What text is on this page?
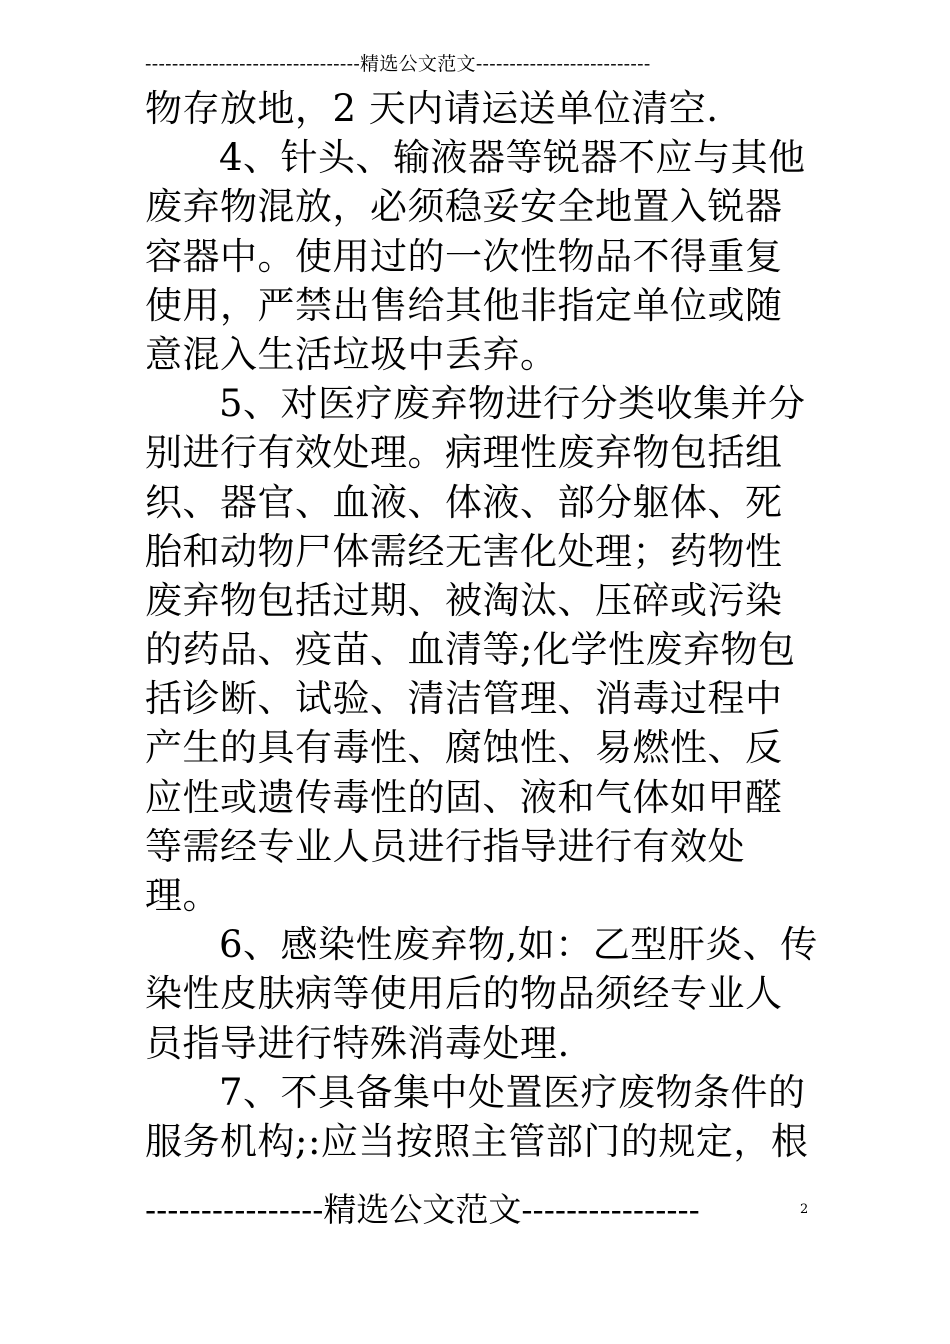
--------------------------------精选公文范文--------------------------
物存放地，2 天内请运送单位清空.
4、针头、输液器等锐器不应与其他
废弃物混放，必须稳妥安全地置入锐器
容器中。使用过的一次性物品不得重复
使用，严禁出售给其他非指定单位或随
意混入生活垃圾中丢弃。
5、对医疗废弃物进行分类收集并分
别进行有效处理。病理性废弃物包括组
织、器官、血液、体液、部分躯体、死
胎和动物尸体需经无害化处理；药物性
废弃物包括过期、被淘汰、压碎或污染
的药品、疫苗、血清等;化学性废弃物包
括诊断、试验、清洁管理、消毒过程中
产生的具有毒性、腐蚀性、易燃性、反
应性或遗传毒性的固、液和气体如甲醛
等需经专业人员进行指导进行有效处
理。
6、感染性废弃物,如：乙型肝炎、传
染性皮肤病等使用后的物品须经专业人
员指导进行特殊消毒处理.
7、不具备集中处置医疗废物条件的
服务机构;:应当按照主管部门的规定，根
----------------精选公文范文----------------	2
